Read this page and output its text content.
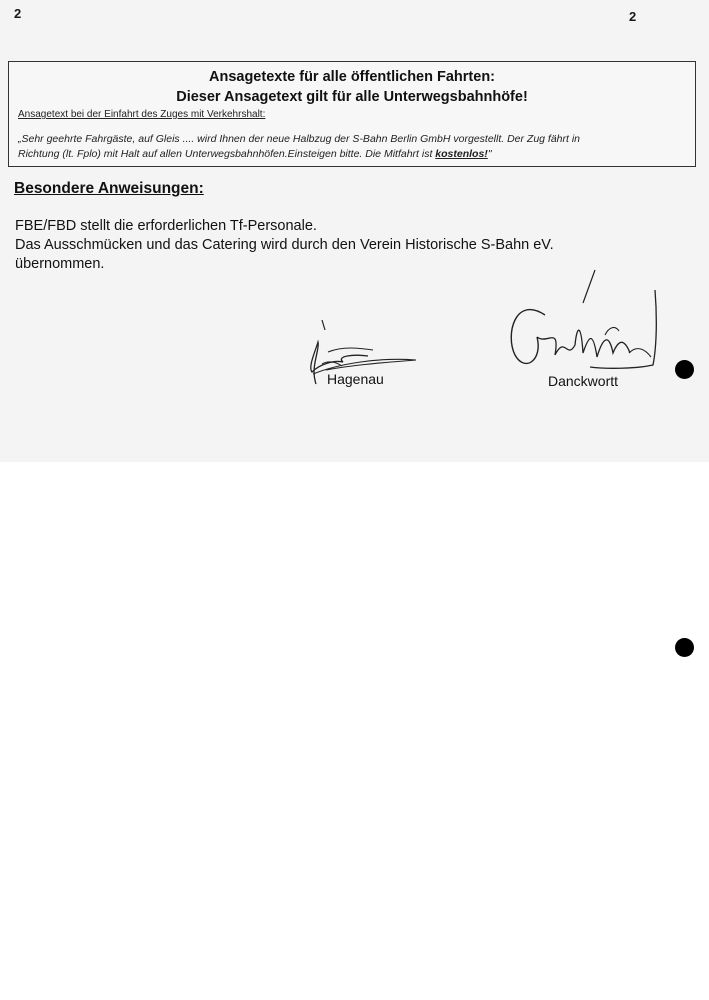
2	2
Ansagetexte für alle öffentlichen Fahrten:
Dieser Ansagetext gilt für alle Unterwegsbahnhöfe!
Ansagetext bei der Einfahrt des Zuges mit Verkehrshalt:
„Sehr geehrte Fahrgäste, auf Gleis .... wird Ihnen der neue Halbzug der S-Bahn Berlin GmbH vorgestellt. Der Zug fährt in
Richtung (lt. Fplo) mit Halt auf allen Unterwegsbahnhöfen.Einsteigen bitte. Die Mitfahrt ist kostenlos!"
Besondere Anweisungen:
FBE/FBD stellt die erforderlichen Tf-Personale.
Das Ausschmücken und das Catering wird durch den Verein Historische S-Bahn eV.
übernommen.
Hagenau	Danckwortt
